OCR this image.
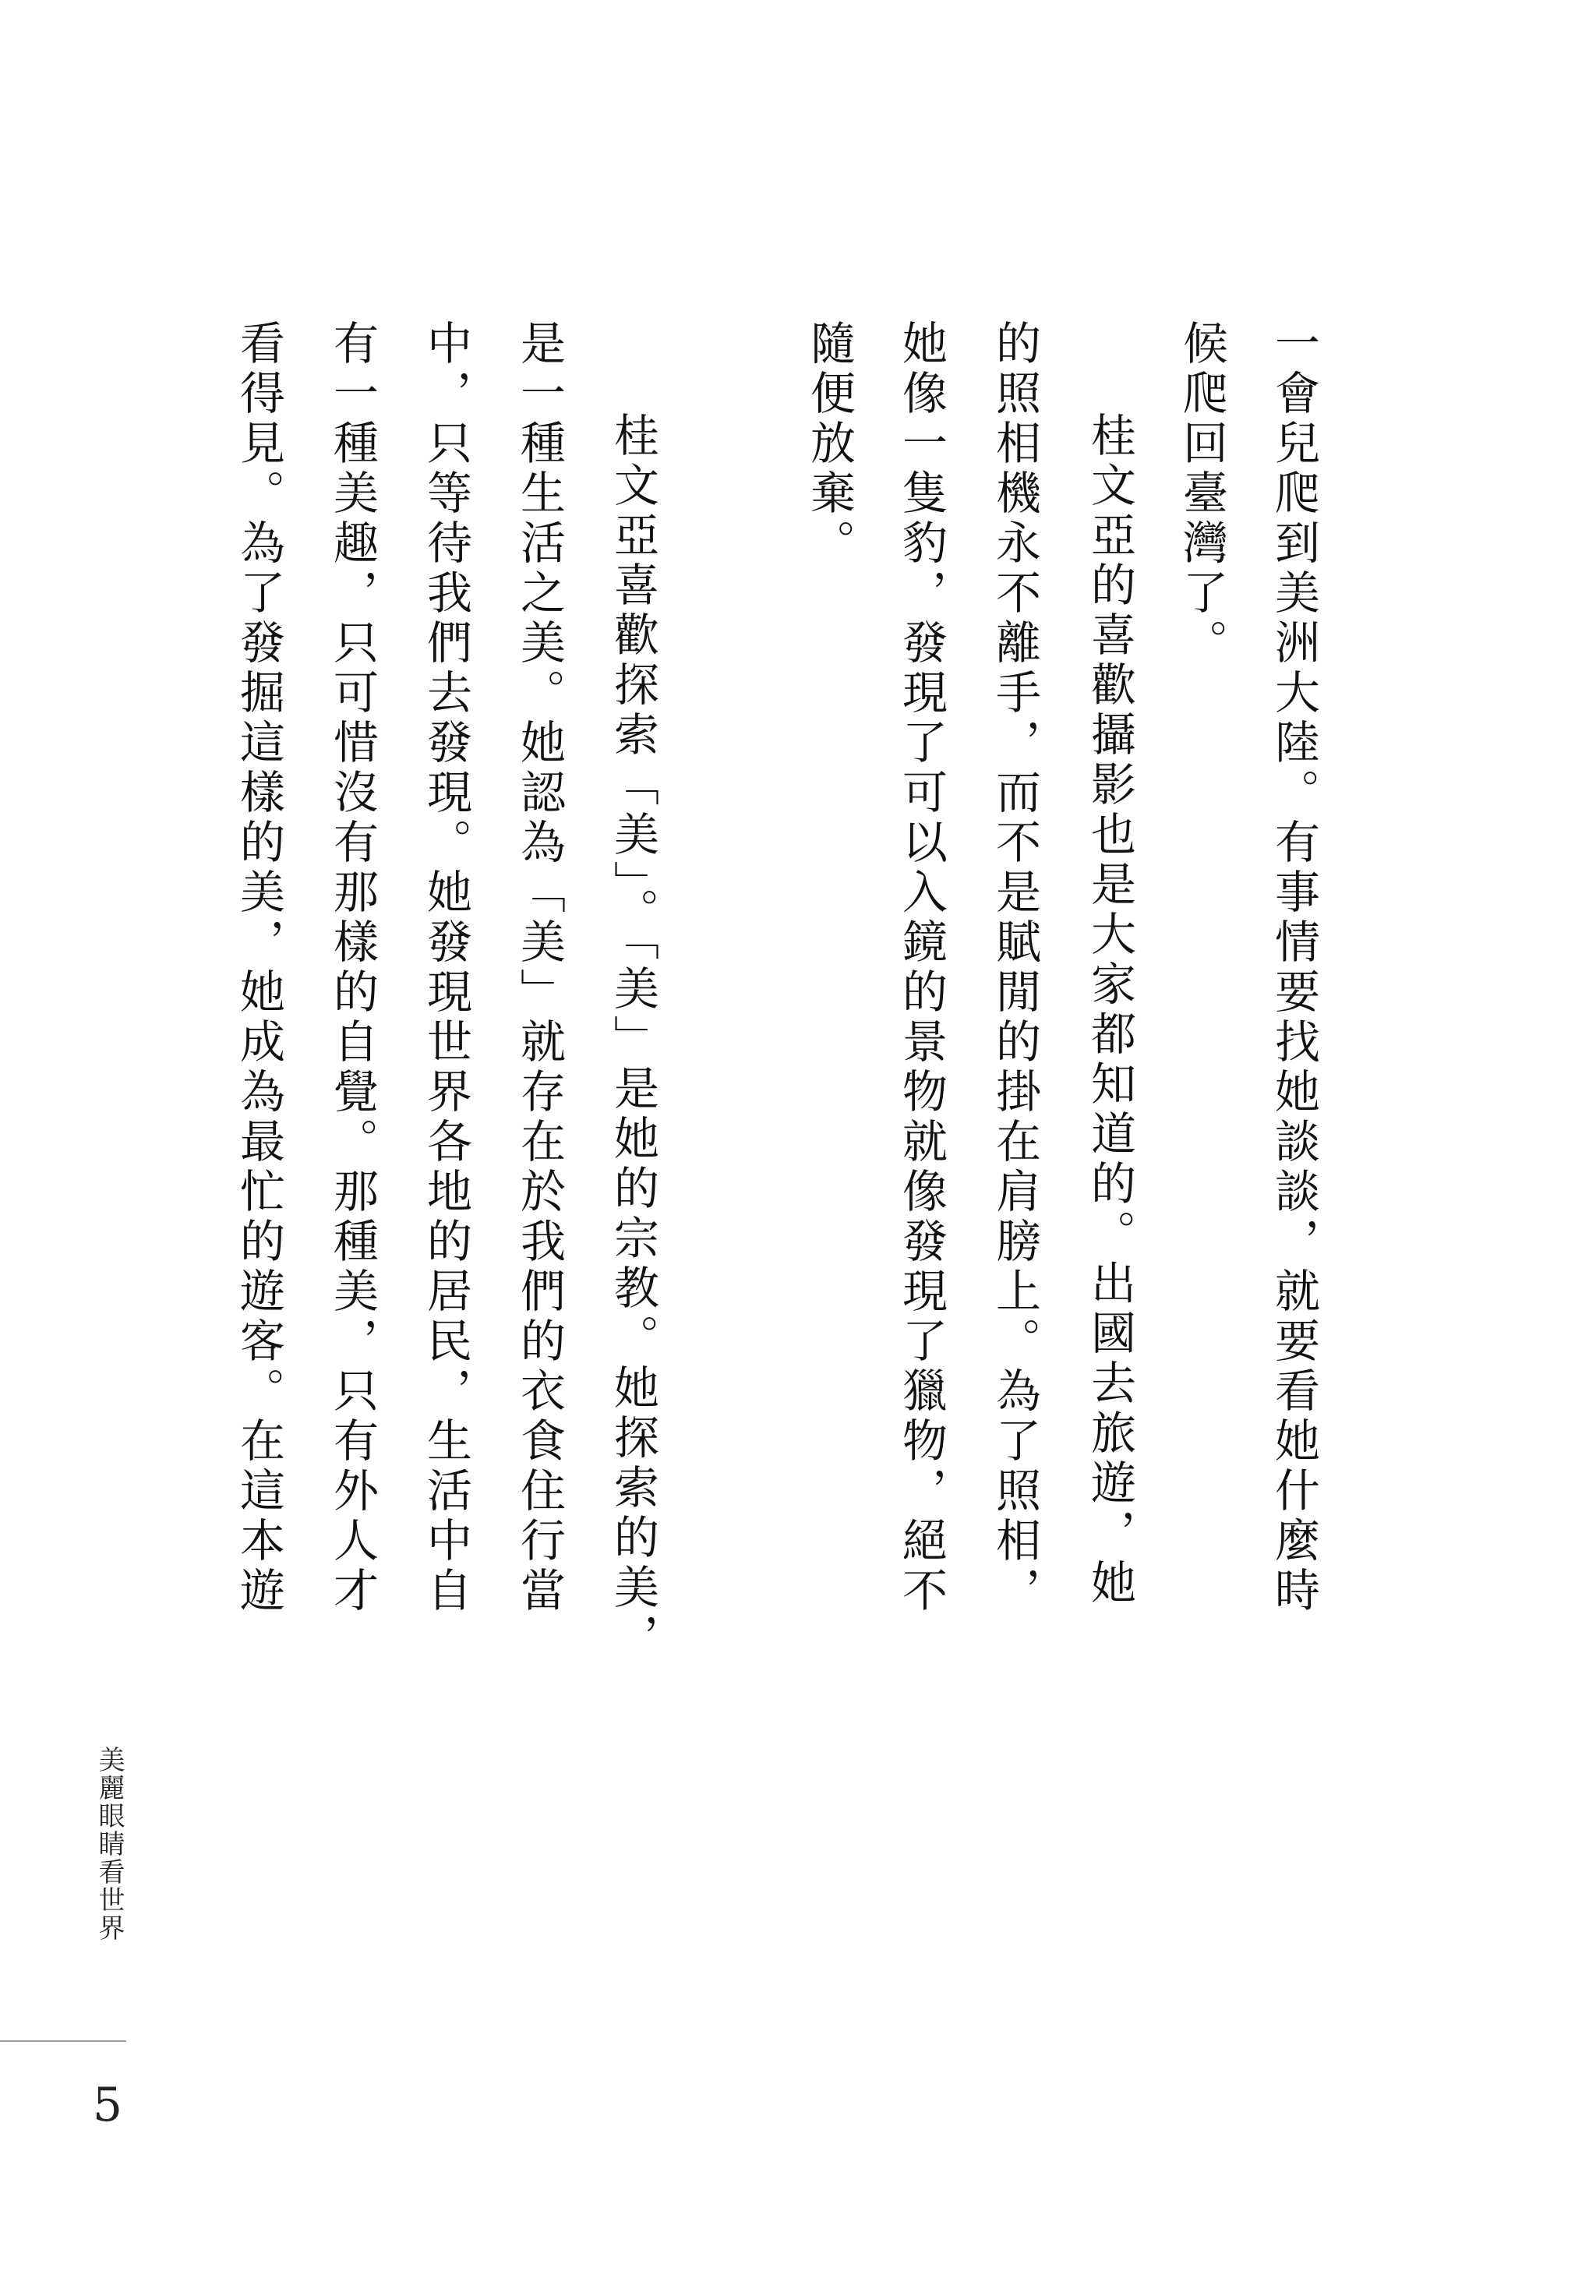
一會兒爬到美洲大陸。有事情要找她談談，就要看她什麼時
候爬回臺灣了。
桂文亞的喜歡攝影也是大家都知道的。出國去旅遊，她
的照相機永不離手，而不是賦閒的掛在肩膀上。為了照相，
她像一隻豹，發現了可以入鏡的景物就像發現了獵物，絕不
隨便放棄。
桂文亞喜歡探索「美」。「美」是她的宗教。她探索的美，
是一種生活之美。她認為「美」就存在於我們的衣食住行當
中，只等待我們去發現。她發現世界各地的居民，生活中自
有一種美趣，只可惜沒有那樣的自覺。那種美，只有外人才
看得見。為了發掘這樣的美，她成為最忙的遊客。在這本遊
美麗眼睛看世界
5
